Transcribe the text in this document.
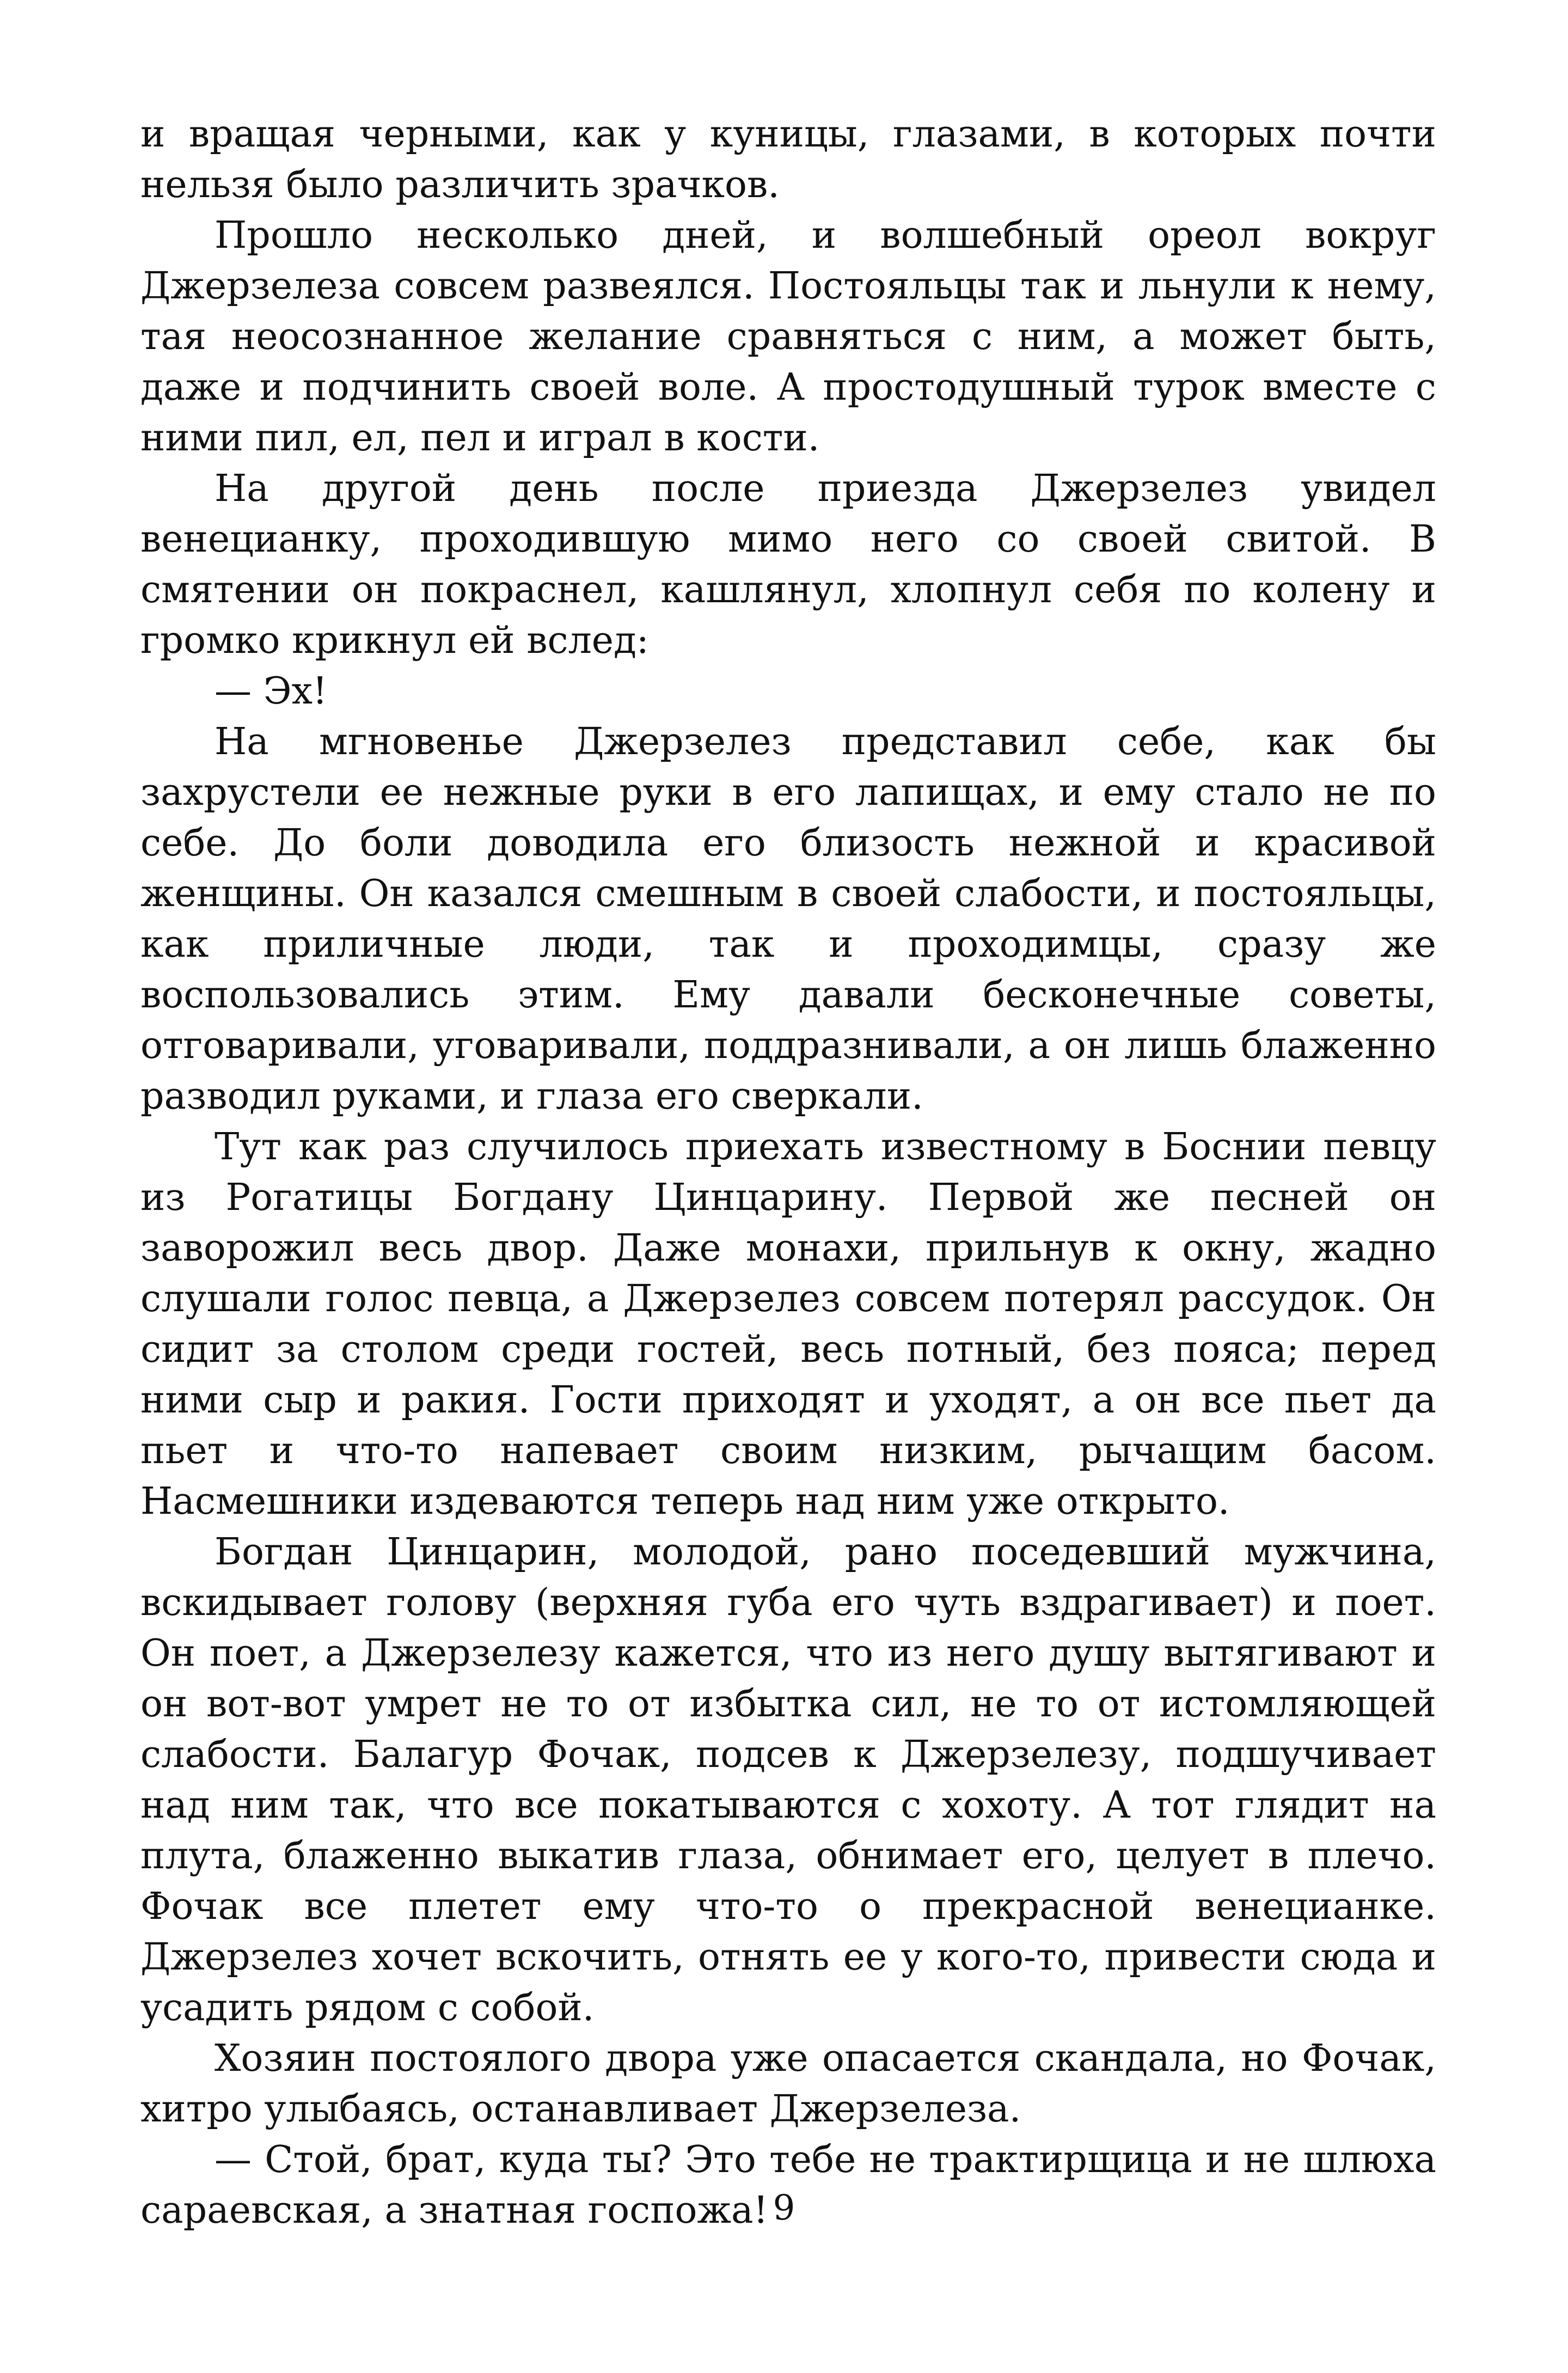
и вращая черными, как у куницы, глазами, в которых почти нельзя было различить зрачков.

Прошло несколько дней, и волшебный ореол вокруг Джерзелеза совсем развеялся. Постояльцы так и льнули к нему, тая неосознанное желание сравняться с ним, а может быть, даже и подчинить своей воле. А простодушный турок вместе с ними пил, ел, пел и играл в кости.

На другой день после приезда Джерзелез увидел венецианку, проходившую мимо него со своей свитой. В смятении он покраснел, кашлянул, хлопнул себя по колену и громко крикнул ей вслед:

— Эх!

На мгновенье Джерзелез представил себе, как бы захрустели ее нежные руки в его лапищах, и ему стало не по себе. До боли доводила его близость нежной и красивой женщины. Он казался смешным в своей слабости, и постояльцы, как приличные люди, так и проходимцы, сразу же воспользовались этим. Ему давали бесконечные советы, отговаривали, уговаривали, поддразнивали, а он лишь блаженно разводил руками, и глаза его сверкали.

Тут как раз случилось приехать известному в Боснии певцу из Рогатицы Богдану Цинцарину. Первой же песней он заворожил весь двор. Даже монахи, прильнув к окну, жадно слушали голос певца, а Джерзелез совсем потерял рассудок. Он сидит за столом среди гостей, весь потный, без пояса; перед ними сыр и ракия. Гости приходят и уходят, а он все пьет да пьет и что-то напевает своим низким, рычащим басом. Насмешники издеваются теперь над ним уже открыто.

Богдан Цинцарин, молодой, рано поседевший мужчина, вскидывает голову (верхняя губа его чуть вздрагивает) и поет. Он поет, а Джерзелезу кажется, что из него душу вытягивают и он вот-вот умрет не то от избытка сил, не то от истомляющей слабости. Балагур Фочак, подсев к Джерзелезу, подшучивает над ним так, что все покатываются с хохоту. А тот глядит на плута, блаженно выкатив глаза, обнимает его, целует в плечо. Фочак все плетет ему что-то о прекрасной венецианке. Джерзелез хочет вскочить, отнять ее у кого-то, привести сюда и усадить рядом с собой.

Хозяин постоялого двора уже опасается скандала, но Фочак, хитро улыбаясь, останавливает Джерзелеза.

— Стой, брат, куда ты? Это тебе не трактирщица и не шлюха сараевская, а знатная госпожа! 9
